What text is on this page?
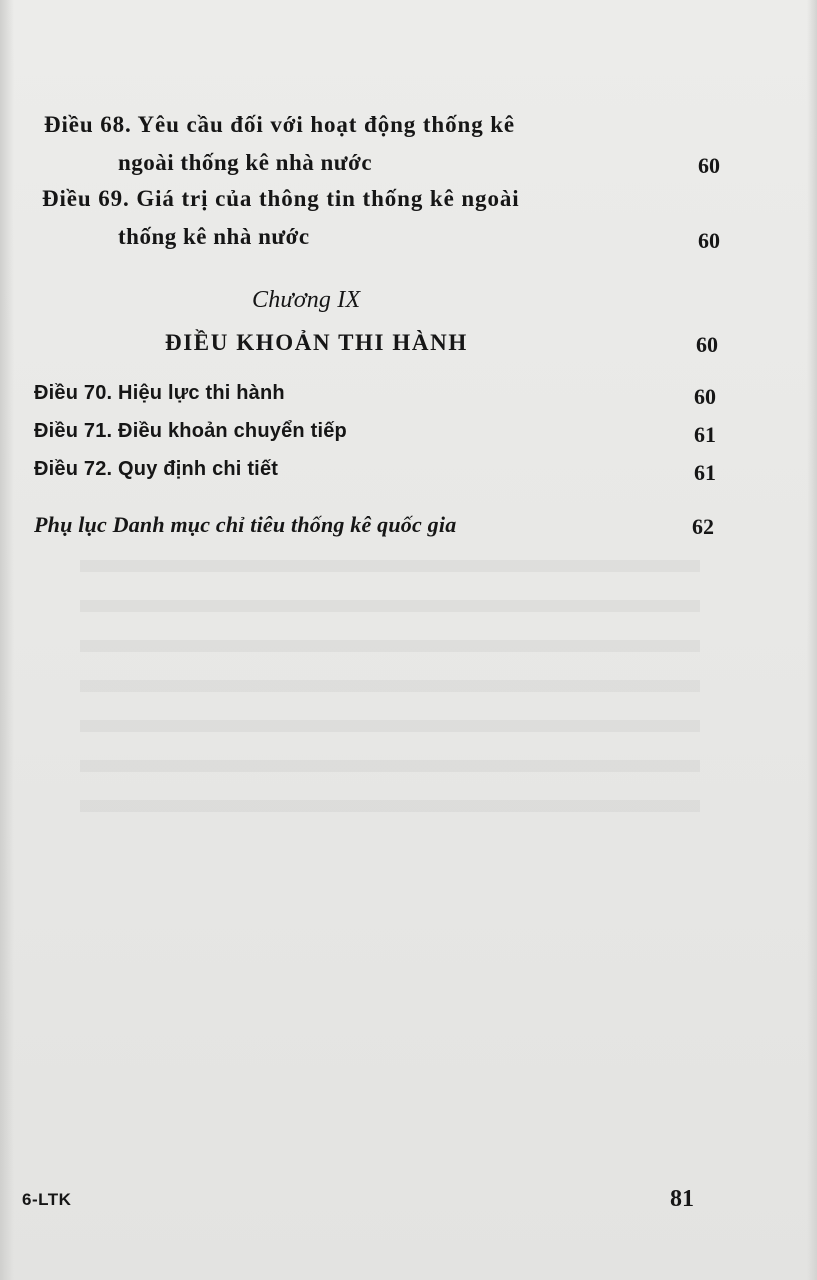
Điều 68. Yêu cầu đối với hoạt động thống kê
ngoài thống kê nhà nước	60
Điều 69. Giá trị của thông tin thống kê ngoài
thống kê nhà nước	60
Chương IX
ĐIỀU KHOẢN THI HÀNH	60
Điều 70. Hiệu lực thi hành	60
Điều 71. Điều khoản chuyển tiếp	61
Điều 72. Quy định chi tiết	61
Phụ lục Danh mục chỉ tiêu thống kê quốc gia	62
6-LTK	81
